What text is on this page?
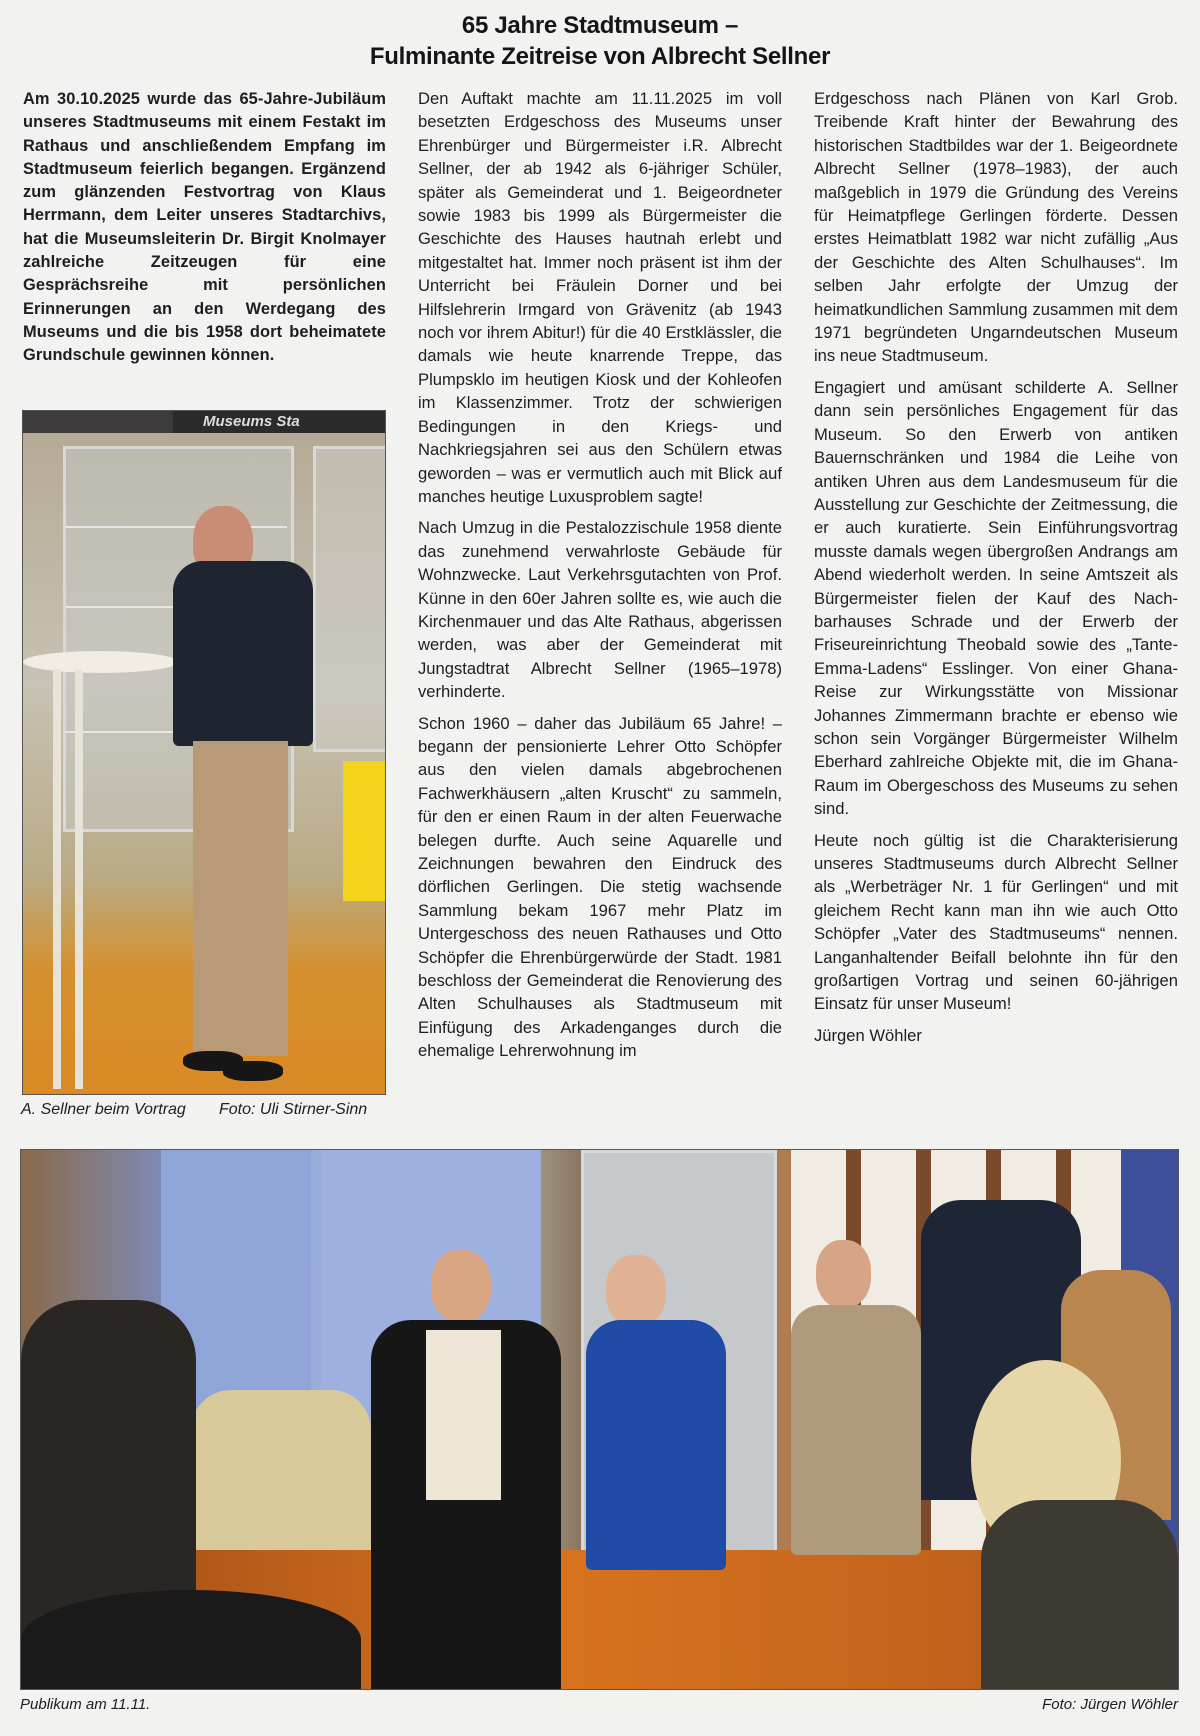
65 Jahre Stadtmuseum –
Fulminante Zeitreise von Albrecht Sellner

Am 30.10.2025 wurde das 65-Jahre-Jubiläum unseres Stadtmuseums mit einem Festakt im Rathaus und anschließendem Empfang im Stadtmuseum feierlich begangen. Ergänzend zum glänzenden Festvortrag von Klaus Herrmann, dem Leiter unseres Stadtarchivs, hat die Museumsleiterin Dr. Birgit Knolmayer zahlreiche Zeitzeugen für eine Gesprächsreihe mit persönlichen Erinnerungen an den Werdegang des Museums und die bis 1958 dort beheimatete Grundschule gewinnen können.

Museums Sta
A. Sellner beim Vortrag Foto: Uli Stirner-Sinn

Den Auftakt machte am 11.11.2025 im voll besetzten Erdgeschoss des Museums unser Ehrenbürger und Bürgermeister i.R. Albrecht Sellner, der ab 1942 als 6-jähriger Schüler, später als Gemeinderat und 1. Beigeordneter sowie 1983 bis 1999 als Bürgermeister die Geschichte des Hauses hautnah erlebt und mitgestaltet hat. Immer noch präsent ist ihm der Unterricht bei Fräulein Dorner und bei Hilfslehrerin Irmgard von Grävenitz (ab 1943 noch vor ihrem Abitur!) für die 40 Erstklässler, die damals wie heute knarrende Treppe, das Plumpsklo im heutigen Kiosk und der Kohleofen im Klassenzimmer. Trotz der schwierigen Bedingungen in den Kriegs- und Nachkriegsjahren sei aus den Schülern etwas geworden – was er vermutlich auch mit Blick auf manches heutige Luxusproblem sagte!

Nach Umzug in die Pestalozzischule 1958 diente das zunehmend verwahrloste Gebäude für Wohnzwecke. Laut Verkehrsgutachten von Prof. Künne in den 60er Jahren sollte es, wie auch die Kirchenmauer und das Alte Rathaus, abgerissen werden, was aber der Gemeinderat mit Jungstadtrat Albrecht Sellner (1965–1978) verhinderte.

Schon 1960 – daher das Jubiläum 65 Jahre! – begann der pensionierte Lehrer Otto Schöpfer aus den vielen damals abgebrochenen Fachwerkhäusern „alten Kruscht“ zu sammeln, für den er einen Raum in der alten Feuerwache belegen durfte. Auch seine Aquarelle und Zeichnungen bewahren den Eindruck des dörflichen Gerlingen. Die stetig wachsende Sammlung bekam 1967 mehr Platz im Untergeschoss des neuen Rathauses und Otto Schöpfer die Ehrenbürgerwürde der Stadt. 1981 beschloss der Gemeinderat die Renovierung des Alten Schulhauses als Stadtmuseum mit Einfügung des Arkadenganges durch die ehemalige Lehrerwohnung im

Erdgeschoss nach Plänen von Karl Grob. Treibende Kraft hinter der Bewahrung des historischen Stadtbildes war der 1. Beigeordnete Albrecht Sellner (1978–1983), der auch maßgeblich in 1979 die Gründung des Vereins für Heimatpflege Gerlingen förderte. Dessen erstes Heimatblatt 1982 war nicht zufällig „Aus der Geschichte des Alten Schulhauses“. Im selben Jahr erfolgte der Umzug der heimatkundlichen Sammlung zusammen mit dem 1971 begründeten Ungarndeutschen Museum ins neue Stadtmuseum.

Engagiert und amüsant schilderte A. Sellner dann sein persönliches Engagement für das Museum. So den Erwerb von antiken Bauernschränken und 1984 die Leihe von antiken Uhren aus dem Landesmuseum für die Ausstellung zur Geschichte der Zeitmessung, die er auch kuratierte. Sein Einführungsvortrag musste damals wegen übergroßen Andrangs am Abend wiederholt werden. In seine Amtszeit als Bürgermeister fielen der Kauf des Nachbarhauses Schrade und der Erwerb der Friseureinrichtung Theobald sowie des „Tante-Emma-Ladens“ Esslinger. Von einer Ghana-Reise zur Wirkungsstätte von Missionar Johannes Zimmermann brachte er ebenso wie schon sein Vorgänger Bürgermeister Wilhelm Eberhard zahlreiche Objekte mit, die im Ghana-Raum im Obergeschoss des Museums zu sehen sind.

Heute noch gültig ist die Charakterisierung unseres Stadtmuseums durch Albrecht Sellner als „Werbeträger Nr. 1 für Gerlingen“ und mit gleichem Recht kann man ihn wie auch Otto Schöpfer „Vater des Stadtmuseums“ nennen. Langanhaltender Beifall belohnte ihn für den großartigen Vortrag und seinen 60-jährigen Einsatz für unser Museum!

Jürgen Wöhler

Publikum am 11.11.	Foto: Jürgen Wöhler
